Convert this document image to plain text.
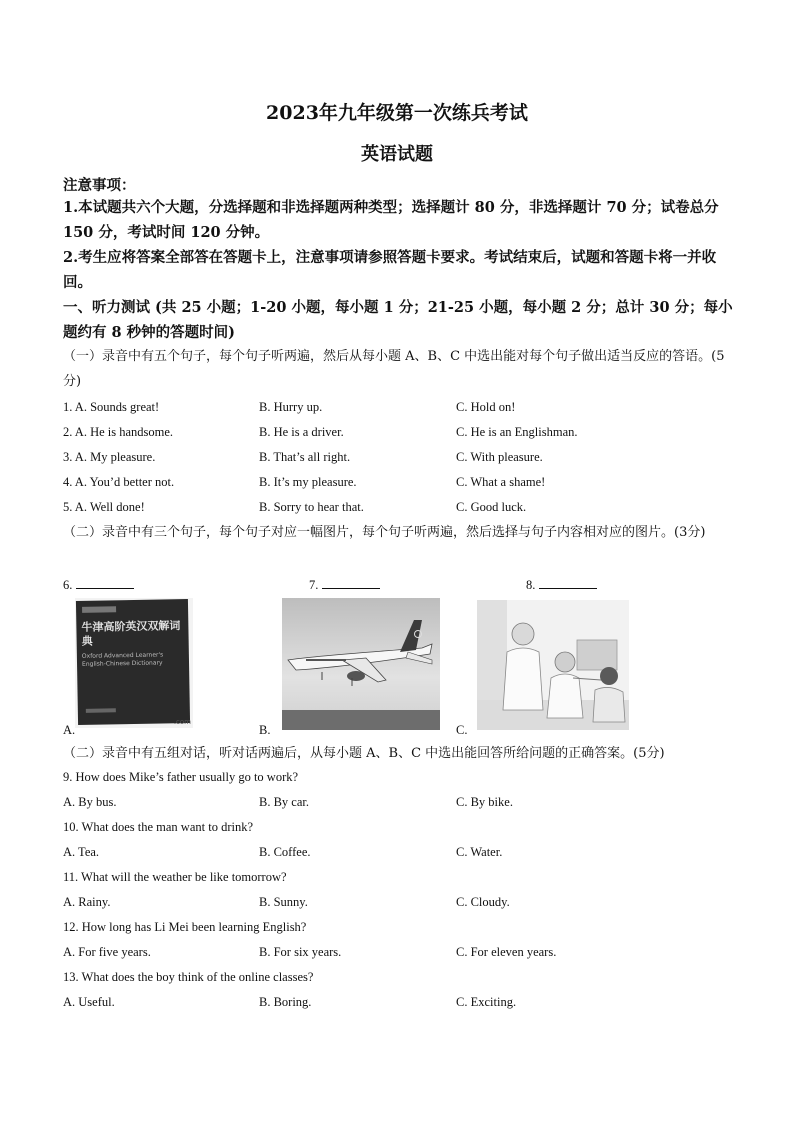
2023年九年级第一次练兵考试
英语试题
注意事项：
1.本试题共六个大题，分选择题和非选择题两种类型；选择题计 80 分，非选择题计 70 分；试卷总分 150 分，考试时间 120 分钟。
2.考生应将答案全部答在答题卡上，注意事项请参照答题卡要求。考试结束后，试题和答题卡将一并收回。
一、听力测试 (共 25 小题；1-20 小题，每小题 1 分；21-25 小题，每小题 2 分；总计 30 分；每小题约有 8 秒钟的答题时间)
（一）录音中有五个句子，每个句子听两遍，然后从每小题 A、B、C 中选出能对每个句子做出适当反应的答语。(5分)
1. A. Sounds great!	B. Hurry up.	C. Hold on!
2. A. He is handsome.	B. He is a driver.	C. He is an Englishman.
3. A. My pleasure.	B. That’s all right.	C. With pleasure.
4. A. You’d better not.	B. It’s my pleasure.	C. What a shame!
5. A. Well done!	B. Sorry to hear that.	C. Good luck.
（二）录音中有三个句子，每个句子对应一幅图片，每个句子听两遍，然后选择与句子内容相对应的图片。(3分)
6.	7.	8.
A.
牛津高阶英汉双解词典
Oxford Advanced Learner's English-Chinese Dictionary
.com
B.	C.
（二）录音中有五组对话，听对话两遍后，从每小题 A、B、C 中选出能回答所给问题的正确答案。(5分)
9. How does Mike’s father usually go to work?
A. By bus.	B. By car.	C. By bike.
10. What does the man want to drink?
A. Tea.	B. Coffee.	C. Water.
11. What will the weather be like tomorrow?
A. Rainy.	B. Sunny.	C. Cloudy.
12. How long has Li Mei been learning English?
A. For five years.	B. For six years.	C. For eleven years.
13. What does the boy think of the online classes?
A. Useful.	B. Boring.	C. Exciting.
